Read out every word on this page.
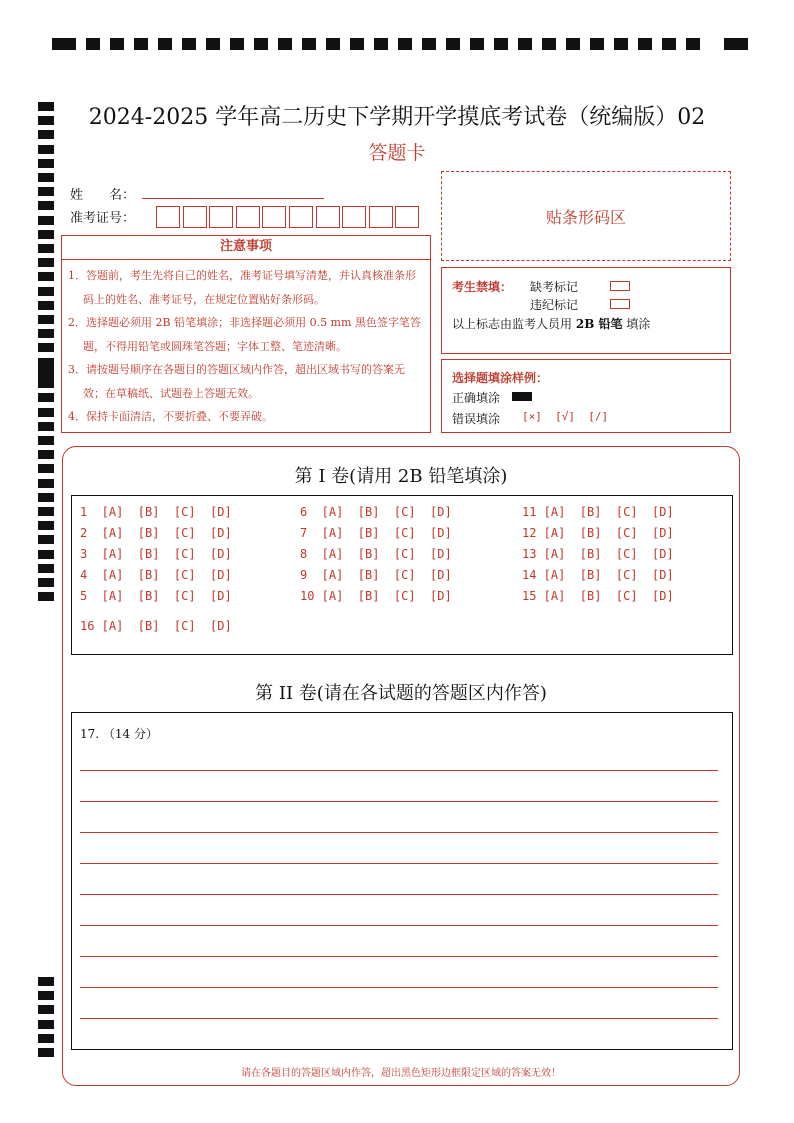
2024-2025 学年高二历史下学期开学摸底考试卷（统编版）02
答题卡
姓　　名：
准考证号：	贴条形码区
注意事项

1．答题前，考生先将自己的姓名，准考证号填写清楚，并认真核准条形码上的姓名、准考证号，在规定位置贴好条形码。

2．选择题必须用 2B 铅笔填涂；非选择题必须用 0.5 mm 黑色签字笔答题，不得用铅笔或圆珠笔答题；字体工整、笔迹清晰。

3．请按题号顺序在各题目的答题区域内作答，超出区域书写的答案无效；在草稿纸、试题卷上答题无效。

4．保持卡面清洁，不要折叠、不要弄破。

考生禁填： 缺考标记
违纪标记
以上标志由监考人员用 2B 铅笔 填涂
选择题填涂样例：
正确填涂
错误填涂 [×]  [√]  [/]
第 I 卷(请用 2B 铅笔填涂)
1  [A]  [B]  [C]  [D]
2  [A]  [B]  [C]  [D]
3  [A]  [B]  [C]  [D]
4  [A]  [B]  [C]  [D]
5  [A]  [B]  [C]  [D]
6  [A]  [B]  [C]  [D]
7  [A]  [B]  [C]  [D]
8  [A]  [B]  [C]  [D]
9  [A]  [B]  [C]  [D]
10 [A]  [B]  [C]  [D]
11 [A]  [B]  [C]  [D]
12 [A]  [B]  [C]  [D]
13 [A]  [B]  [C]  [D]
14 [A]  [B]  [C]  [D]
15 [A]  [B]  [C]  [D]
16 [A]  [B]  [C]  [D]
第 II 卷(请在各试题的答题区内作答)
17. （14 分）
请在各题目的答题区域内作答，超出黑色矩形边框限定区域的答案无效！
